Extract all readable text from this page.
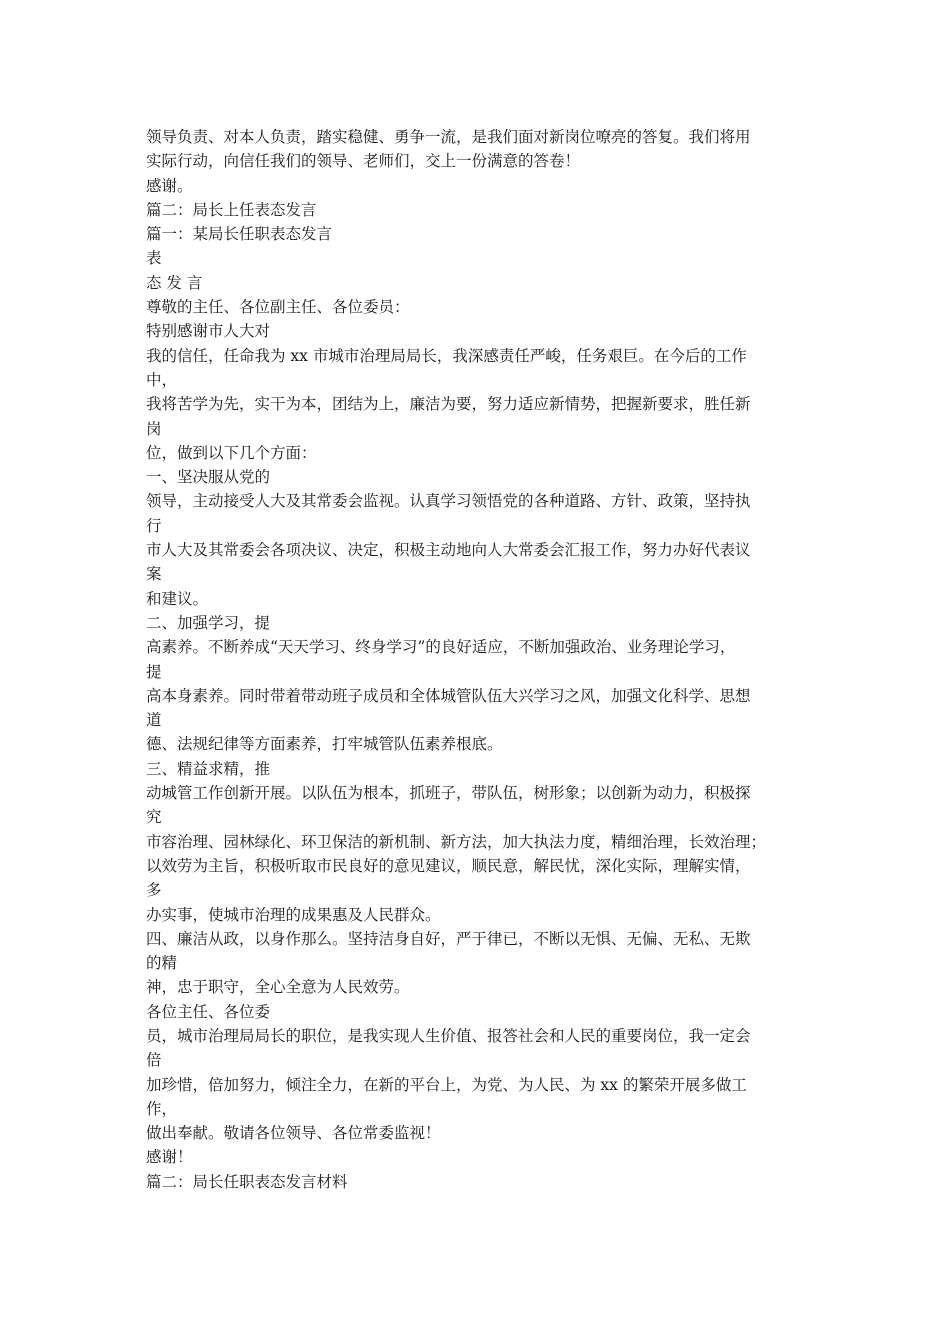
领导负责、对本人负责，踏实稳健、勇争一流，是我们面对新岗位嘹亮的答复。我们将用
实际行动，向信任我们的领导、老师们，交上一份满意的答卷！
感谢。
篇二：局长上任表态发言
篇一：某局长任职表态发言
表
态 发 言
尊敬的主任、各位副主任、各位委员：
特别感谢市人大对
我的信任，任命我为 xx 市城市治理局局长，我深感责任严峻，任务艰巨。在今后的工作
中，
我将苦学为先，实干为本，团结为上，廉洁为要，努力适应新情势，把握新要求，胜任新
岗
位，做到以下几个方面：
一、坚决服从党的
领导，主动接受人大及其常委会监视。认真学习领悟党的各种道路、方针、政策，坚持执
行
市人大及其常委会各项决议、决定，积极主动地向人大常委会汇报工作，努力办好代表议
案
和建议。
二、加强学习，提
高素养。不断养成“天天学习、终身学习”的良好适应，不断加强政治、业务理论学习，
提
高本身素养。同时带着带动班子成员和全体城管队伍大兴学习之风，加强文化科学、思想
道
德、法规纪律等方面素养，打牢城管队伍素养根底。
三、精益求精，推
动城管工作创新开展。以队伍为根本，抓班子，带队伍，树形象；以创新为动力，积极探
究
市容治理、园林绿化、环卫保洁的新机制、新方法，加大执法力度，精细治理，长效治理；
以效劳为主旨，积极听取市民良好的意见建议，顺民意，解民忧，深化实际，理解实情，
多
办实事，使城市治理的成果惠及人民群众。
四、廉洁从政，以身作那么。坚持洁身自好，严于律已，不断以无惧、无偏、无私、无欺
的精
神，忠于职守，全心全意为人民效劳。
各位主任、各位委
员，城市治理局局长的职位，是我实现人生价值、报答社会和人民的重要岗位，我一定会
倍
加珍惜，倍加努力，倾注全力，在新的平台上，为党、为人民、为 xx 的繁荣开展多做工
作，
做出奉献。敬请各位领导、各位常委监视！
感谢！
篇二：局长任职表态发言材料
